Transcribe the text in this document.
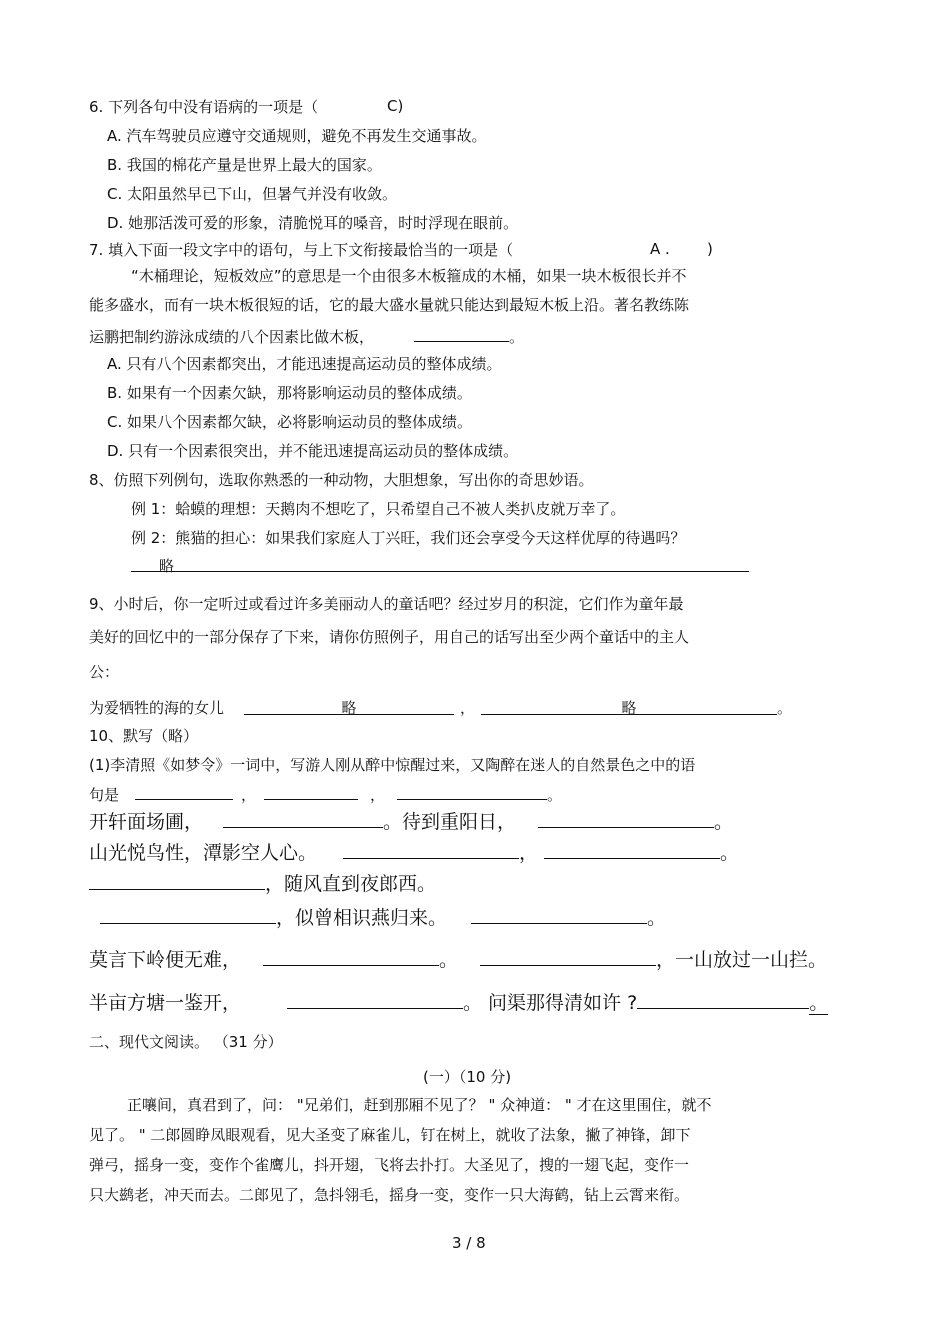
6. 下列各句中没有语病的一项是（	C)
A. 汽车驾驶员应遵守交通规则，避免不再发生交通事故。
B. 我国的棉花产量是世界上最大的国家。
C. 太阳虽然早已下山，但暑气并没有收敛。
D. 她那活泼可爱的形象，清脆悦耳的嗓音，时时浮现在眼前。
7. 填入下面一段文字中的语句，与上下文衔接最恰当的一项是（	A . )
“木桶理论，短板效应”的意思是一个由很多木板箍成的木桶，如果一块木板很长并不
能多盛水，而有一块木板很短的话，它的最大盛水量就只能达到最短木板上沿。著名教练陈
运鹏把制约游泳成绩的八个因素比做木板，	。
A. 只有八个因素都突出，才能迅速提高运动员的整体成绩。
B. 如果有一个因素欠缺，那将影响运动员的整体成绩。
C. 如果八个因素都欠缺，必将影响运动员的整体成绩。
D. 只有一个因素很突出，并不能迅速提高运动员的整体成绩。
8、仿照下列例句，选取你熟悉的一种动物，大胆想象，写出你的奇思妙语。
例 1：蛤蟆的理想：天鹅肉不想吃了，只希望自己不被人类扒皮就万幸了。
例 2：熊猫的担心：如果我们家庭人丁兴旺，我们还会享受今天这样优厚的待遇吗？
略
9、小时后，你一定听过或看过许多美丽动人的童话吧？经过岁月的积淀，它们作为童年最
美好的回忆中的一部分保存了下来，请你仿照例子，用自己的话写出至少两个童话中的主人
公：
为爱牺牲的海的女儿	略	，	略	。
10、默写（略）
(1)李清照《如梦令》一词中，写游人刚从醉中惊醒过来，又陶醉在迷人的自然景色之中的语
句是	，	，	。
开轩面场圃，	。待到重阳日，	。
山光悦鸟性，潭影空人心。	，	。
，随风直到夜郎西。
，似曾相识燕归来。	。
莫言下岭便无难，	。	，一山放过一山拦。
半亩方塘一鉴开，	。 问渠那得清如许 ?	。
二、现代文阅读。 （31 分）
(一）（10 分)
正嚷间，真君到了，问： "兄弟们，赶到那厢不见了？ " 众神道： " 才在这里围住，就不
见了。 " 二郎圆睁凤眼观看，见大圣变了麻雀儿，钉在树上，就收了法象，撇了神锋，卸下
弹弓，摇身一变，变作个雀鹰儿，抖开翅，飞将去扑打。大圣见了，搜的一翅飞起，变作一
只大鹚老，冲天而去。二郎见了，急抖翎毛，摇身一变，变作一只大海鹤，钻上云霄来衔。
3 / 8
